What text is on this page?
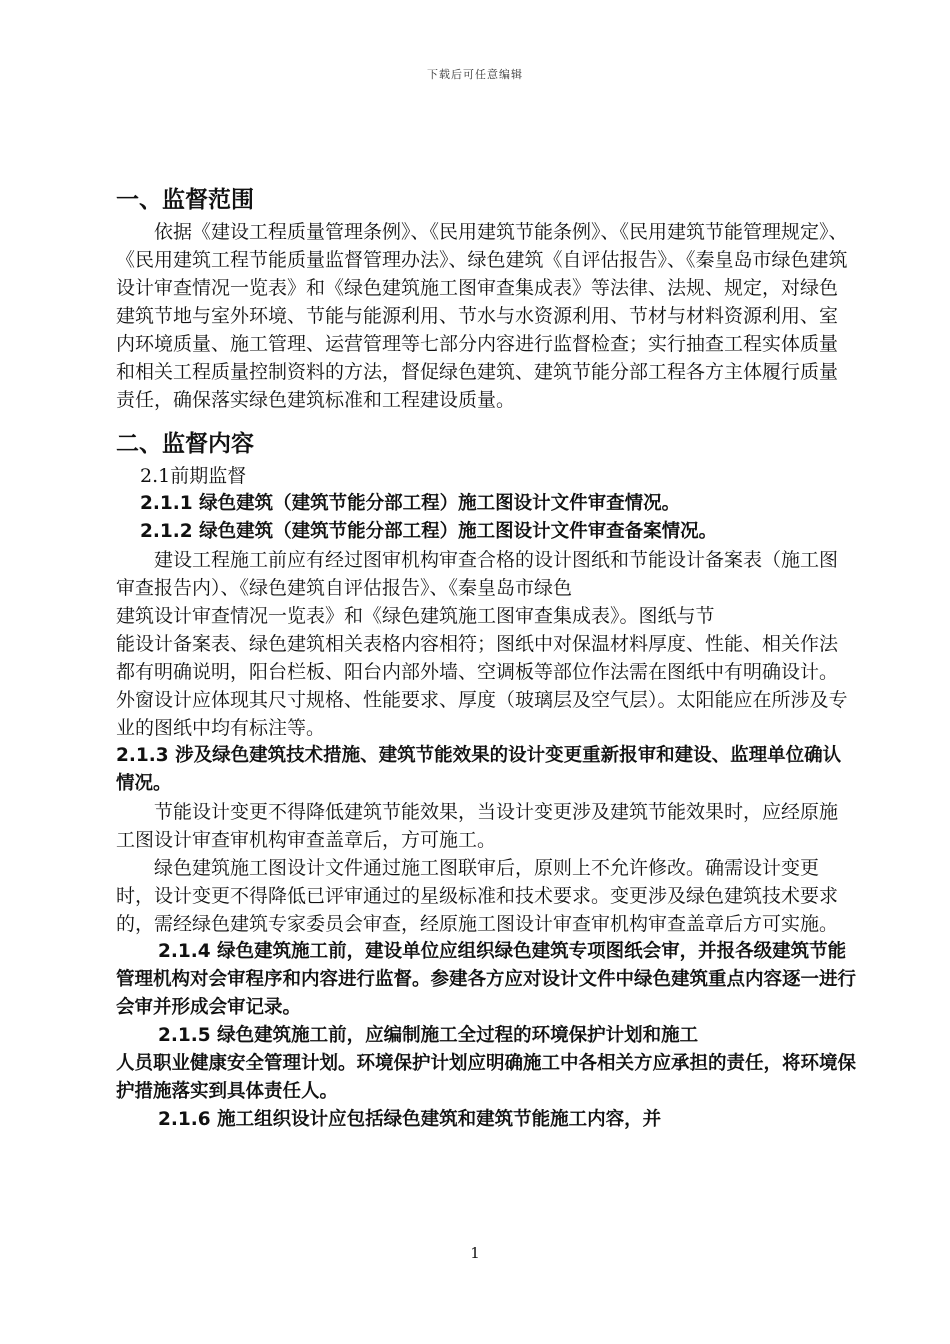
下载后可任意编辑
一、监督范围

依据《建设工程质量管理条例》、《民用建筑节能条例》、《民用建筑节能管理规定》、《民用建筑工程节能质量监督管理办法》、绿色建筑《自评估报告》、《秦皇岛市绿色建筑设计审查情况一览表》和《绿色建筑施工图审查集成表》等法律、法规、规定，对绿色建筑节地与室外环境、节能与能源利用、节水与水资源利用、节材与材料资源利用、室内环境质量、施工管理、运营管理等七部分内容进行监督检查；实行抽查工程实体质量和相关工程质量控制资料的方法，督促绿色建筑、建筑节能分部工程各方主体履行质量责任，确保落实绿色建筑标准和工程建设质量。

二、监督内容

2.1前期监督

2.1.1 绿色建筑（建筑节能分部工程）施工图设计文件审查情况。

2.1.2 绿色建筑（建筑节能分部工程）施工图设计文件审查备案情况。

建设工程施工前应有经过图审机构审查合格的设计图纸和节能设计备案表（施工图审查报告内）、《绿色建筑自评估报告》、《秦皇岛市绿色

建筑设计审查情况一览表》和《绿色建筑施工图审查集成表》。图纸与节

能设计备案表、绿色建筑相关表格内容相符；图纸中对保温材料厚度、性能、相关作法都有明确说明，阳台栏板、阳台内部外墙、空调板等部位作法需在图纸中有明确设计。外窗设计应体现其尺寸规格、性能要求、厚度（玻璃层及空气层）。太阳能应在所涉及专业的图纸中均有标注等。

2.1.3 涉及绿色建筑技术措施、建筑节能效果的设计变更重新报审和建设、监理单位确认情况。

节能设计变更不得降低建筑节能效果，当设计变更涉及建筑节能效果时，应经原施工图设计审查审机构审查盖章后，方可施工。

绿色建筑施工图设计文件通过施工图联审后，原则上不允许修改。确需设计变更时，设计变更不得降低已评审通过的星级标准和技术要求。变更涉及绿色建筑技术要求的，需经绿色建筑专家委员会审查，经原施工图设计审查审机构审查盖章后方可实施。

2.1.4 绿色建筑施工前，建设单位应组织绿色建筑专项图纸会审，并报各级建筑节能管理机构对会审程序和内容进行监督。参建各方应对设计文件中绿色建筑重点内容逐一进行会审并形成会审记录。

2.1.5 绿色建筑施工前，应编制施工全过程的环境保护计划和施工

人员职业健康安全管理计划。环境保护计划应明确施工中各相关方应承担的责任，将环境保护措施落实到具体责任人。

2.1.6 施工组织设计应包括绿色建筑和建筑节能施工内容，并

1
